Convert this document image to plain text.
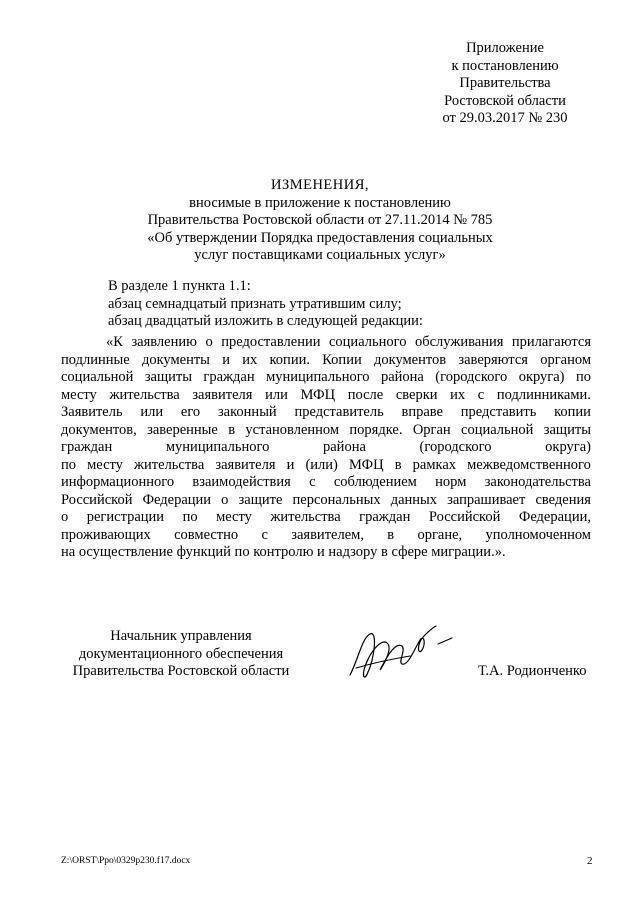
Приложение
к постановлению
Правительства
Ростовской области
от 29.03.2017 № 230
ИЗМЕНЕНИЯ,
вносимые в приложение к постановлению
Правительства Ростовской области от 27.11.2014 № 785
«Об утверждении Порядка предоставления социальных
услуг поставщиками социальных услуг»
В разделе 1 пункта 1.1:
абзац семнадцатый признать утратившим силу;
абзац двадцатый изложить в следующей редакции:
«К заявлению о предоставлении социального обслуживания прилагаются
подлинные документы и их копии. Копии документов заверяются органом
социальной защиты граждан муниципального района (городского округа) по
месту жительства заявителя или МФЦ после сверки их с подлинниками.
Заявитель или его законный представитель вправе представить копии
документов, заверенные в установленном порядке. Орган социальной защиты
граждан	муниципального	района	(городского	округа)
по месту жительства заявителя и (или) МФЦ в рамках межведомственного
информационного взаимодействия с соблюдением норм законодательства
Российской Федерации о защите персональных данных запрашивает сведения
о регистрации по месту жительства граждан Российской Федерации,
проживающих совместно с заявителем, в органе, уполномоченном
на осуществление функций по контролю и надзору в сфере миграции.».
Начальник управления
документационного обеспечения
Правительства Ростовской области	Т.А. Родионченко
Z:\ORST\Ppo\0329p230.f17.docx	2
